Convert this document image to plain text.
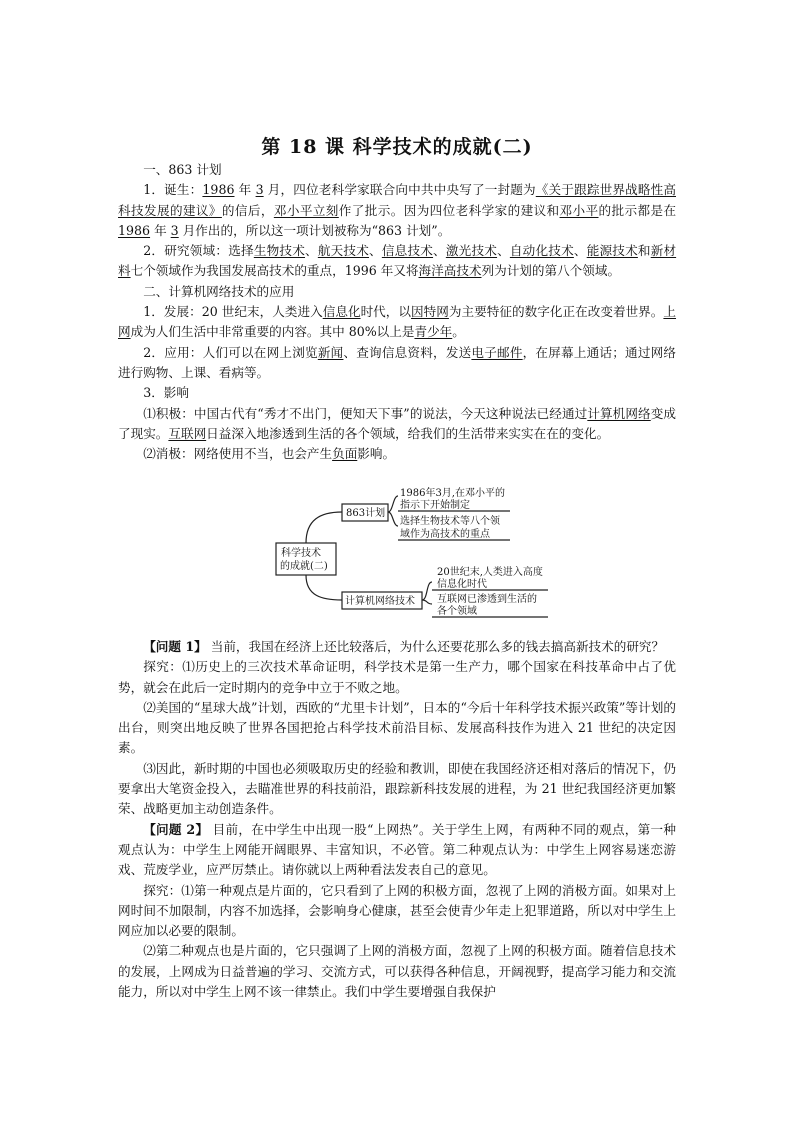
第 18 课 科学技术的成就(二)

一、863 计划

1．诞生：1986 年 3 月，四位老科学家联合向中共中央写了一封题为《关于跟踪世界战略性高科技发展的建议》的信后，邓小平立刻作了批示。因为四位老科学家的建议和邓小平的批示都是在 1986 年 3 月作出的，所以这一项计划被称为“863 计划”。

2．研究领域：选择生物技术、航天技术、信息技术、激光技术、自动化技术、能源技术和新材料七个领域作为我国发展高技术的重点，1996 年又将海洋高技术列为计划的第八个领域。

二、计算机网络技术的应用

1．发展：20 世纪末，人类进入信息化时代，以因特网为主要特征的数字化正在改变着世界。上网成为人们生活中非常重要的内容。其中 80%以上是青少年。

2．应用：人们可以在网上浏览新闻、查询信息资料，发送电子邮件，在屏幕上通话；通过网络进行购物、上课、看病等。

3．影响

⑴积极：中国古代有“秀才不出门，便知天下事”的说法，今天这种说法已经通过计算机网络变成了现实。互联网日益深入地渗透到生活的各个领域，给我们的生活带来实实在在的变化。

⑵消极：网络使用不当，也会产生负面影响。

科学技术
的成就(二)
863计划
计算机网络技术
1986年3月,在邓小平的
指示下开始制定
选择生物技术等八个领
域作为高技术的重点
20世纪末,人类进入高度
信息化时代
互联网已渗透到生活的
各个领域

【问题 1】 当前，我国在经济上还比较落后，为什么还要花那么多的钱去搞高新技术的研究？

探究：⑴历史上的三次技术革命证明，科学技术是第一生产力，哪个国家在科技革命中占了优势，就会在此后一定时期内的竞争中立于不败之地。

⑵美国的“星球大战”计划，西欧的“尤里卡计划”，日本的“今后十年科学技术振兴政策”等计划的出台，则突出地反映了世界各国把抢占科学技术前沿目标、发展高科技作为进入 21 世纪的决定因素。

⑶因此，新时期的中国也必须吸取历史的经验和教训，即使在我国经济还相对落后的情况下，仍要拿出大笔资金投入，去瞄准世界的科技前沿，跟踪新科技发展的进程，为 21 世纪我国经济更加繁荣、战略更加主动创造条件。

【问题 2】 目前，在中学生中出现一股“上网热”。关于学生上网，有两种不同的观点，第一种观点认为：中学生上网能开阔眼界、丰富知识，不必管。第二种观点认为：中学生上网容易迷恋游戏、荒废学业，应严厉禁止。请你就以上两种看法发表自己的意见。

探究：⑴第一种观点是片面的，它只看到了上网的积极方面，忽视了上网的消极方面。如果对上网时间不加限制，内容不加选择，会影响身心健康，甚至会使青少年走上犯罪道路，所以对中学生上网应加以必要的限制。

⑵第二种观点也是片面的，它只强调了上网的消极方面，忽视了上网的积极方面。随着信息技术的发展，上网成为日益普遍的学习、交流方式，可以获得各种信息，开阔视野，提高学习能力和交流能力，所以对中学生上网不该一律禁止。我们中学生要增强自我保护
